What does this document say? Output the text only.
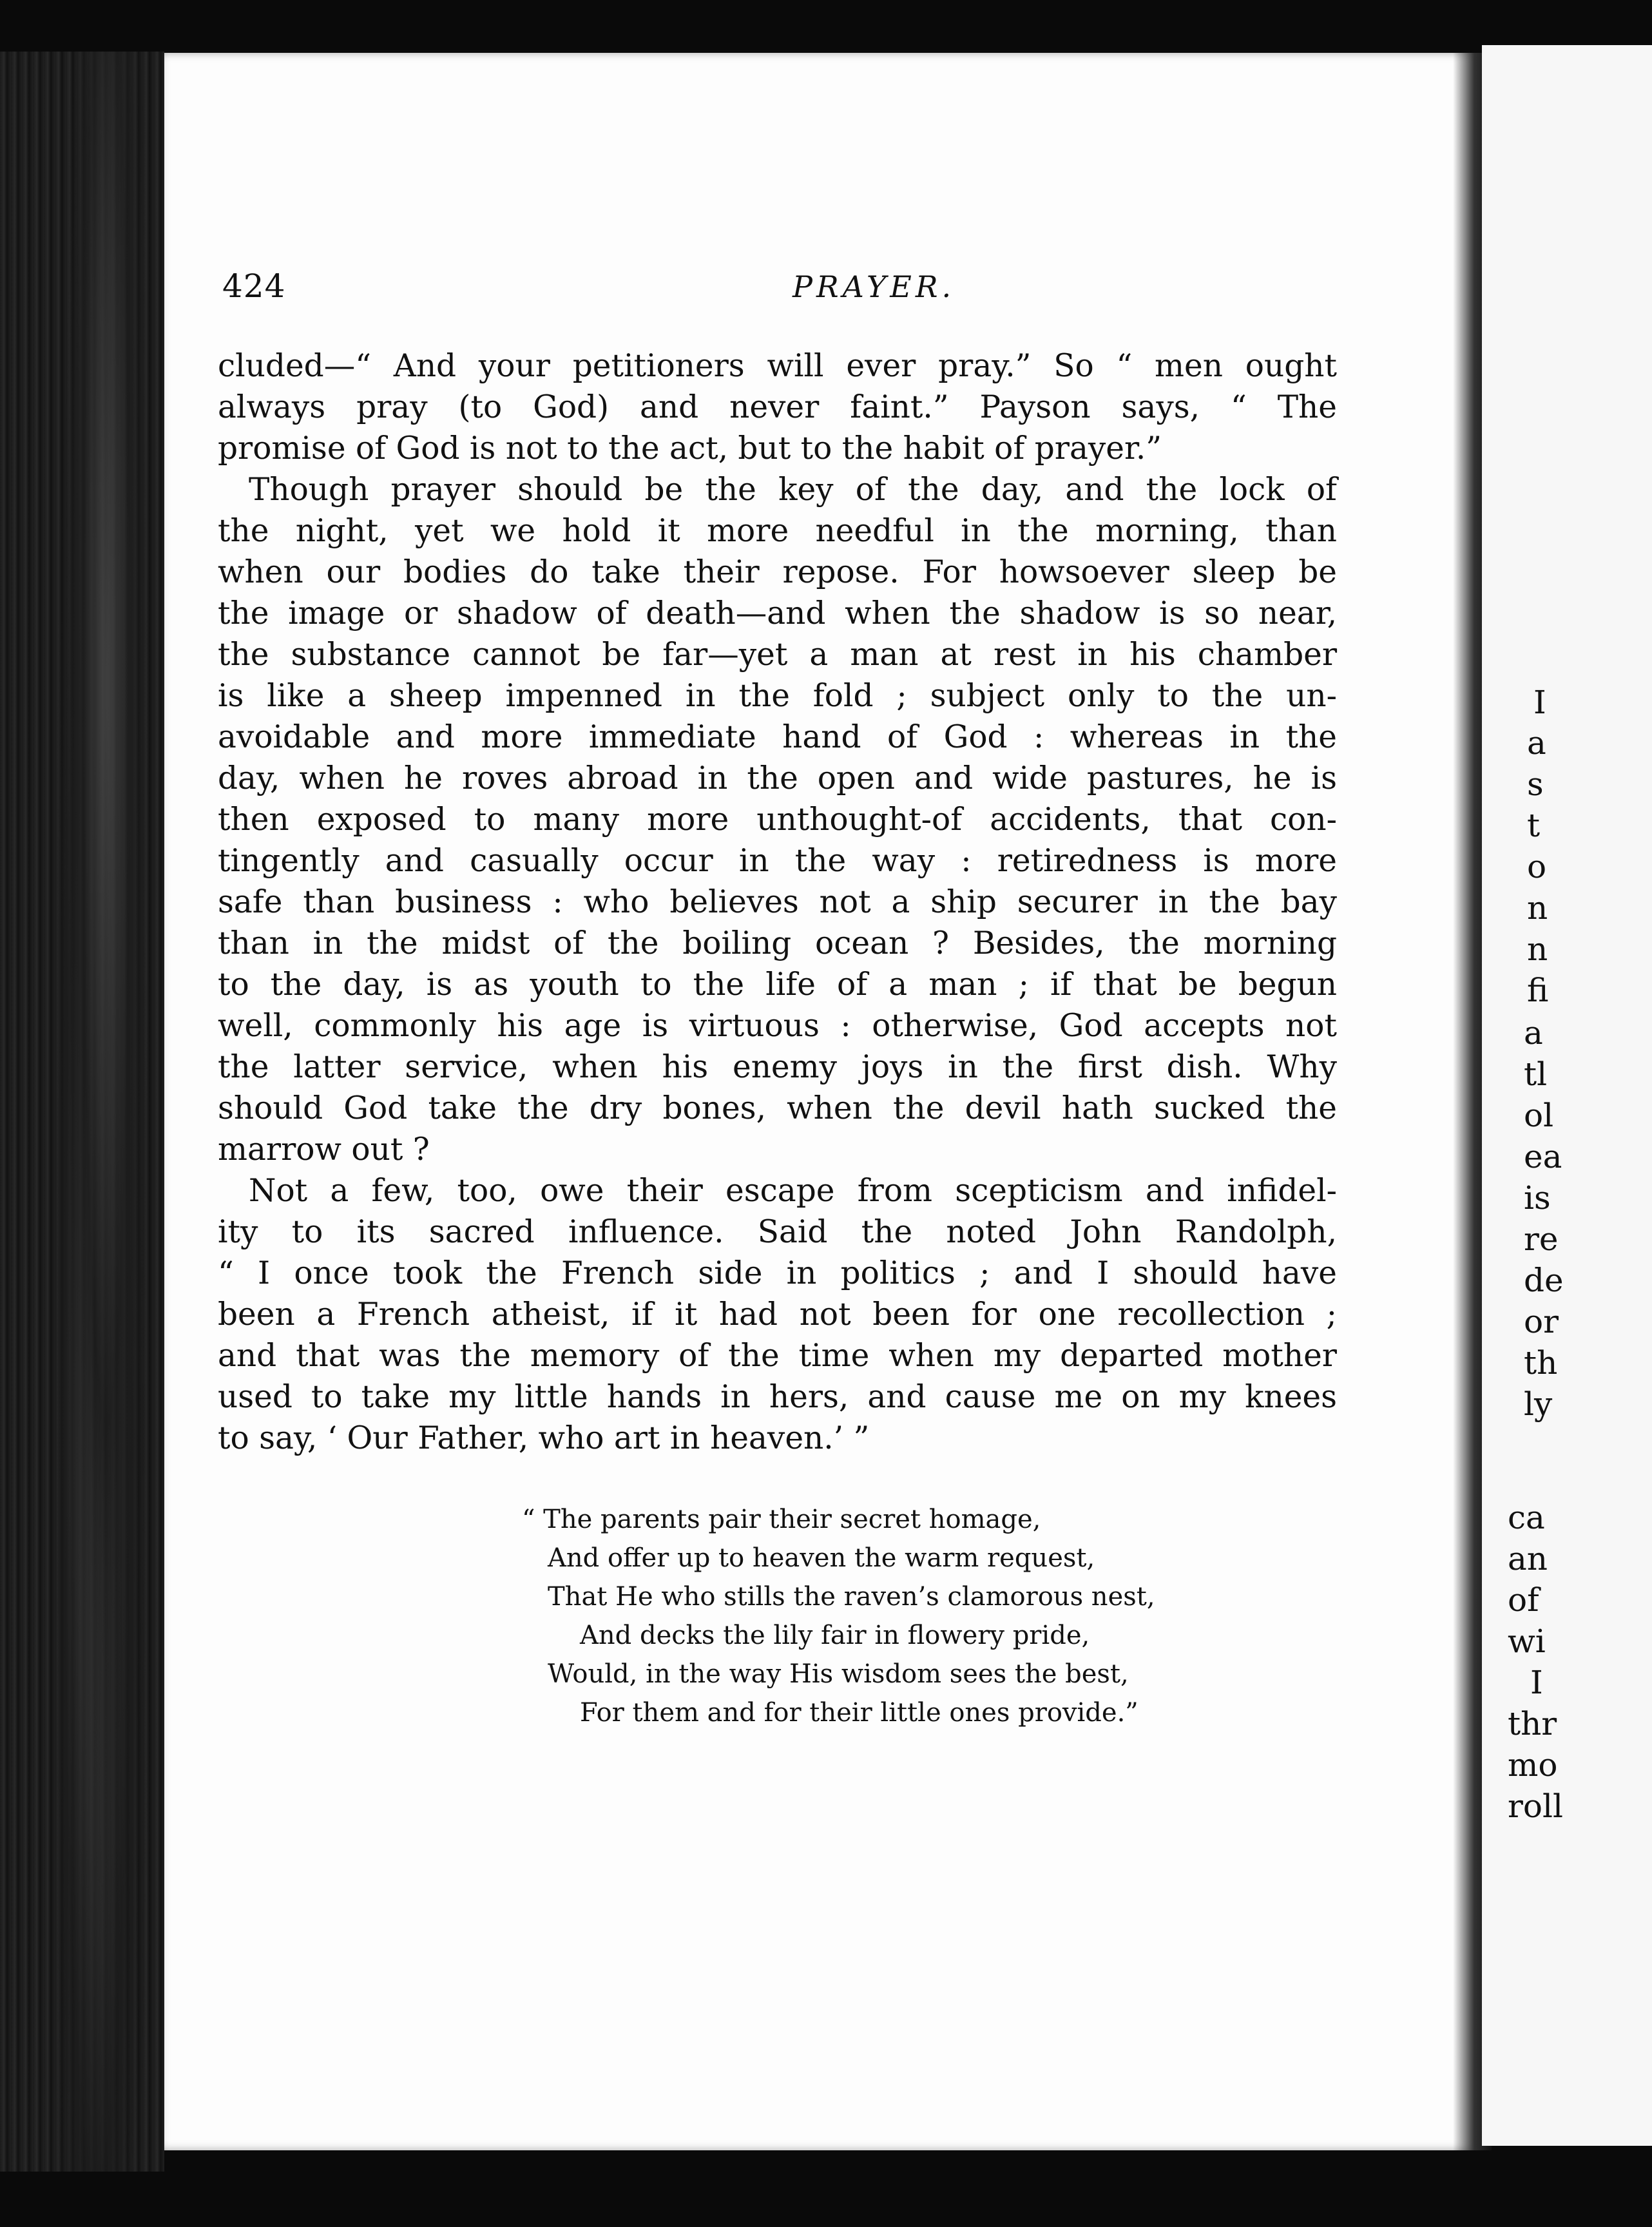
I
a
s
t
o
n
n
fi
a
tl
ol
ea
is
re
de
or
th
ly
ca
an
of
wi
I
thr
mo
roll
424	PRAYER.
cluded—“ And your petitioners will ever pray.” So “ men ought
always pray (to God) and never faint.” Payson says, “ The
promise of God is not to the act, but to the habit of prayer.”
Though prayer should be the key of the day, and the lock of
the night, yet we hold it more needful in the morning, than
when our bodies do take their repose. For howsoever sleep be
the image or shadow of death—and when the shadow is so near,
the substance cannot be far—yet a man at rest in his chamber
is like a sheep impenned in the fold ; subject only to the un-
avoidable and more immediate hand of God : whereas in the
day, when he roves abroad in the open and wide pastures, he is
then exposed to many more unthought-of accidents, that con-
tingently and casually occur in the way : retiredness is more
safe than business : who believes not a ship securer in the bay
than in the midst of the boiling ocean ? Besides, the morning
to the day, is as youth to the life of a man ; if that be begun
well, commonly his age is virtuous : otherwise, God accepts not
the latter service, when his enemy joys in the first dish. Why
should God take the dry bones, when the devil hath sucked the
marrow out ?
Not a few, too, owe their escape from scepticism and infidel-
ity to its sacred influence. Said the noted John Randolph,
“ I once took the French side in politics ; and I should have
been a French atheist, if it had not been for one recollection ;
and that was the memory of the time when my departed mother
used to take my little hands in hers, and cause me on my knees
to say, ‘ Our Father, who art in heaven.’ ”
“ The parents pair their secret homage,
And offer up to heaven the warm request,
That He who stills the raven’s clamorous nest,
And decks the lily fair in flowery pride,
Would, in the way His wisdom sees the best,
For them and for their little ones provide.”
